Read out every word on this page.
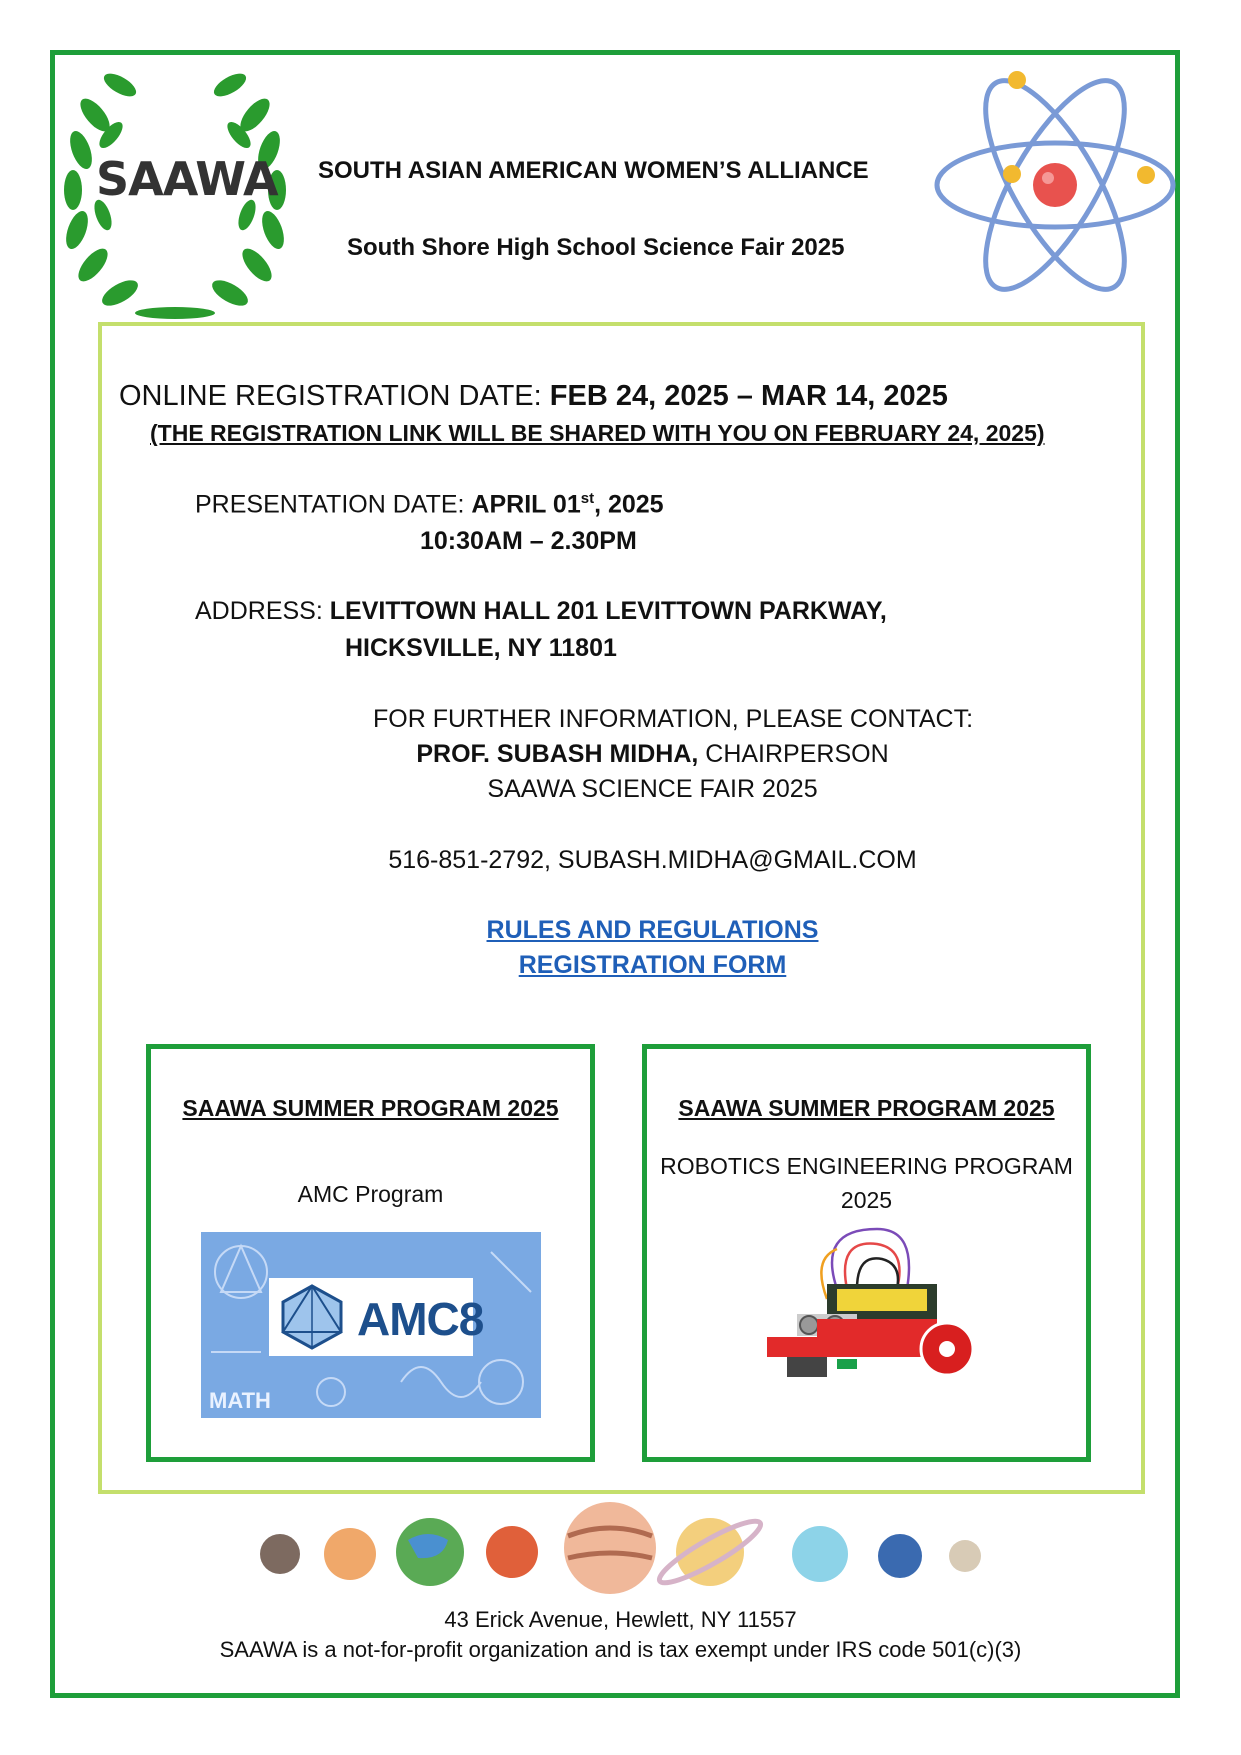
SAAWA SOUTH ASIAN AMERICAN WOMEN’S ALLIANCE
South Shore High School Science Fair 2025
ONLINE REGISTRATION DATE: FEB 24, 2025 – MAR 14, 2025
(THE REGISTRATION LINK WILL BE SHARED WITH YOU ON FEBRUARY 24, 2025)
PRESENTATION DATE: APRIL 01st, 2025
10:30AM – 2.30PM
ADDRESS: LEVITTOWN HALL 201 LEVITTOWN PARKWAY,
HICKSVILLE, NY 11801
FOR FURTHER INFORMATION, PLEASE CONTACT:
PROF. SUBASH MIDHA, CHAIRPERSON
SAAWA SCIENCE FAIR 2025
516-851-2792, SUBASH.MIDHA@GMAIL.COM
RULES AND REGULATIONS
REGISTRATION FORM
SAAWA SUMMER PROGRAM 2025
AMC Program
AMC8
MATH
SAAWA SUMMER PROGRAM 2025
ROBOTICS ENGINEERING PROGRAM 2025
43 Erick Avenue, Hewlett, NY 11557
SAAWA is a not-for-profit organization and is tax exempt under IRS code 501(c)(3)
